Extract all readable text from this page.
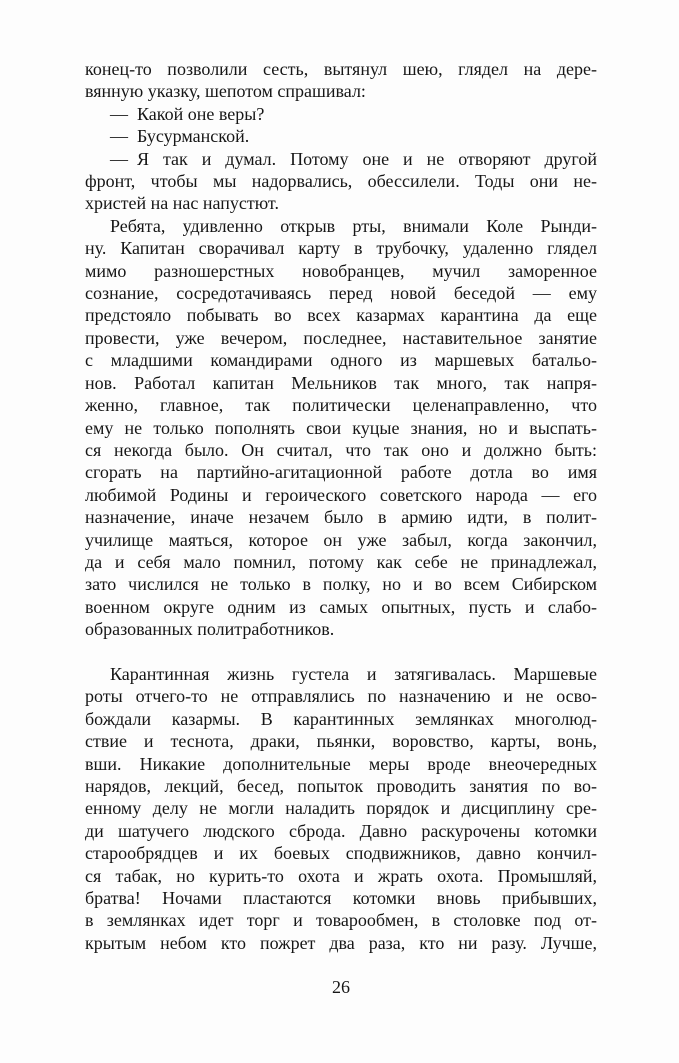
конец-то позволили сесть, вытянул шею, глядел на дере-
вянную указку, шепотом спрашивал:
— Какой оне веры?
— Бусурманской.
— Я так и думал. Потому оне и не отворяют другой
фронт, чтобы мы надорвались, обессилели. Тоды они не-
христей на нас напустют.
Ребята, удивленно открыв рты, внимали Коле Рынди-
ну. Капитан сворачивал карту в трубочку, удаленно глядел
мимо разношерстных новобранцев, мучил заморенное
сознание, сосредотачиваясь перед новой беседой — ему
предстояло побывать во всех казармах карантина да еще
провести, уже вечером, последнее, наставительное занятие
с младшими командирами одного из маршевых батальо-
нов. Работал капитан Мельников так много, так напря-
женно, главное, так политически целенаправленно, что
ему не только пополнять свои куцые знания, но и выспать-
ся некогда было. Он считал, что так оно и должно быть:
сгорать на партийно-агитационной работе дотла во имя
любимой Родины и героического советского народа — его
назначение, иначе незачем было в армию идти, в полит-
училище маяться, которое он уже забыл, когда закончил,
да и себя мало помнил, потому как себе не принадлежал,
зато числился не только в полку, но и во всем Сибирском
военном округе одним из самых опытных, пусть и слабо-
образованных политработников.
Карантинная жизнь густела и затягивалась. Маршевые
роты отчего-то не отправлялись по назначению и не осво-
бождали казармы. В карантинных землянках многолюд-
ствие и теснота, драки, пьянки, воровство, карты, вонь,
вши. Никакие дополнительные меры вроде внеочередных
нарядов, лекций, бесед, попыток проводить занятия по во-
енному делу не могли наладить порядок и дисциплину сре-
ди шатучего людского сброда. Давно раскурочены котомки
старообрядцев и их боевых сподвижников, давно кончил-
ся табак, но курить-то охота и жрать охота. Промышляй,
братва! Ночами пластаются котомки вновь прибывших,
в землянках идет торг и товарообмен, в столовке под от-
крытым небом кто пожрет два раза, кто ни разу. Лучше,
26
